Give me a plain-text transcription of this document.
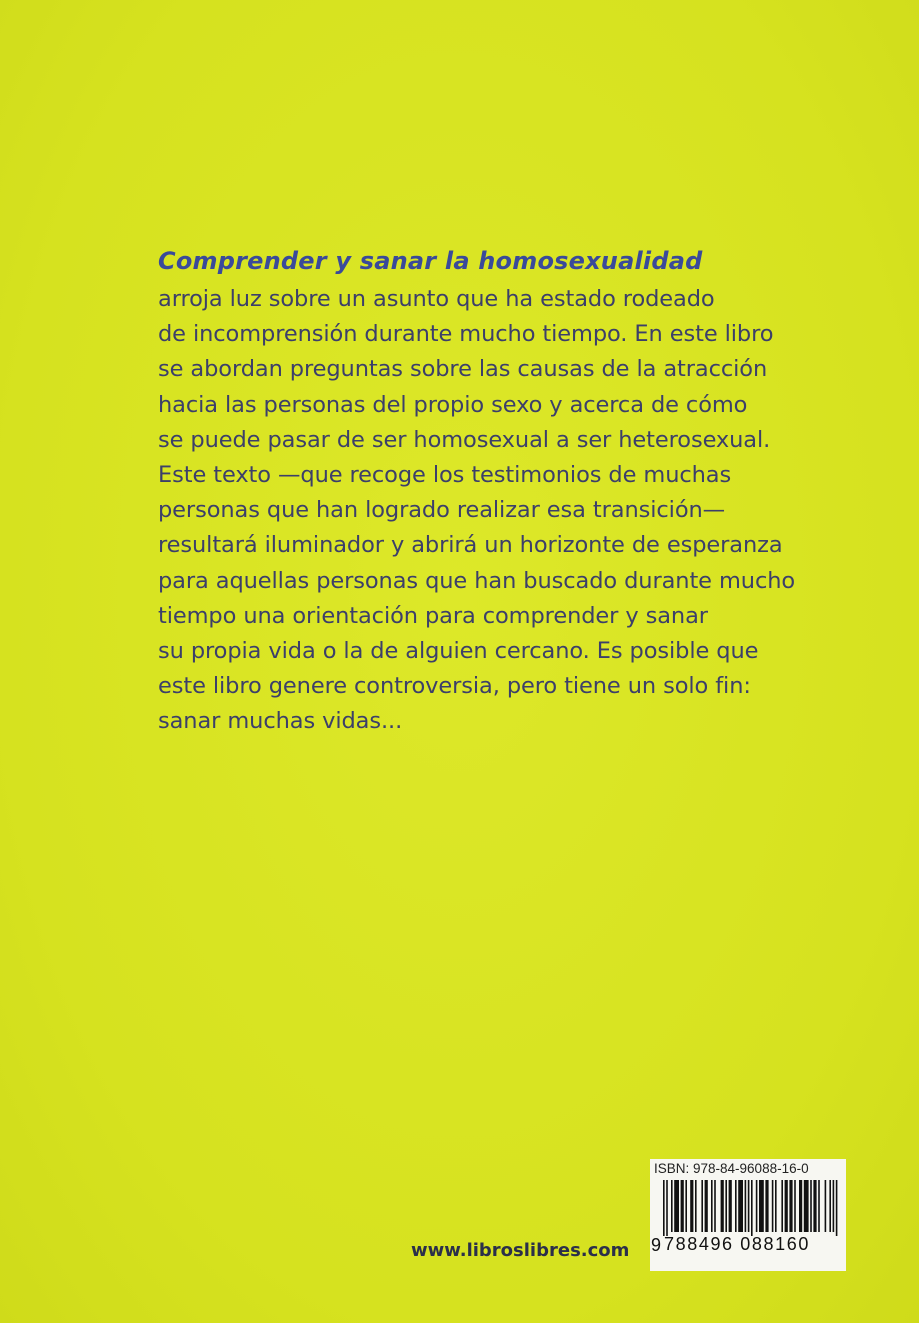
Comprender y sanar la homosexualidad
arroja luz sobre un asunto que ha estado rodeado
de incomprensión durante mucho tiempo. En este libro
se abordan preguntas sobre las causas de la atracción
hacia las personas del propio sexo y acerca de cómo
se puede pasar de ser homosexual a ser heterosexual.
Este texto —que recoge los testimonios de muchas
personas que han logrado realizar esa transición—
resultará iluminador y abrirá un horizonte de esperanza
para aquellas personas que han buscado durante mucho
tiempo una orientación para comprender y sanar
su propia vida o la de alguien cercano. Es posible que
este libro genere controversia, pero tiene un solo fin:
sanar muchas vidas...
www.libroslibres.com
ISBN: 978-84-96088-16-0
9 788496 088160
